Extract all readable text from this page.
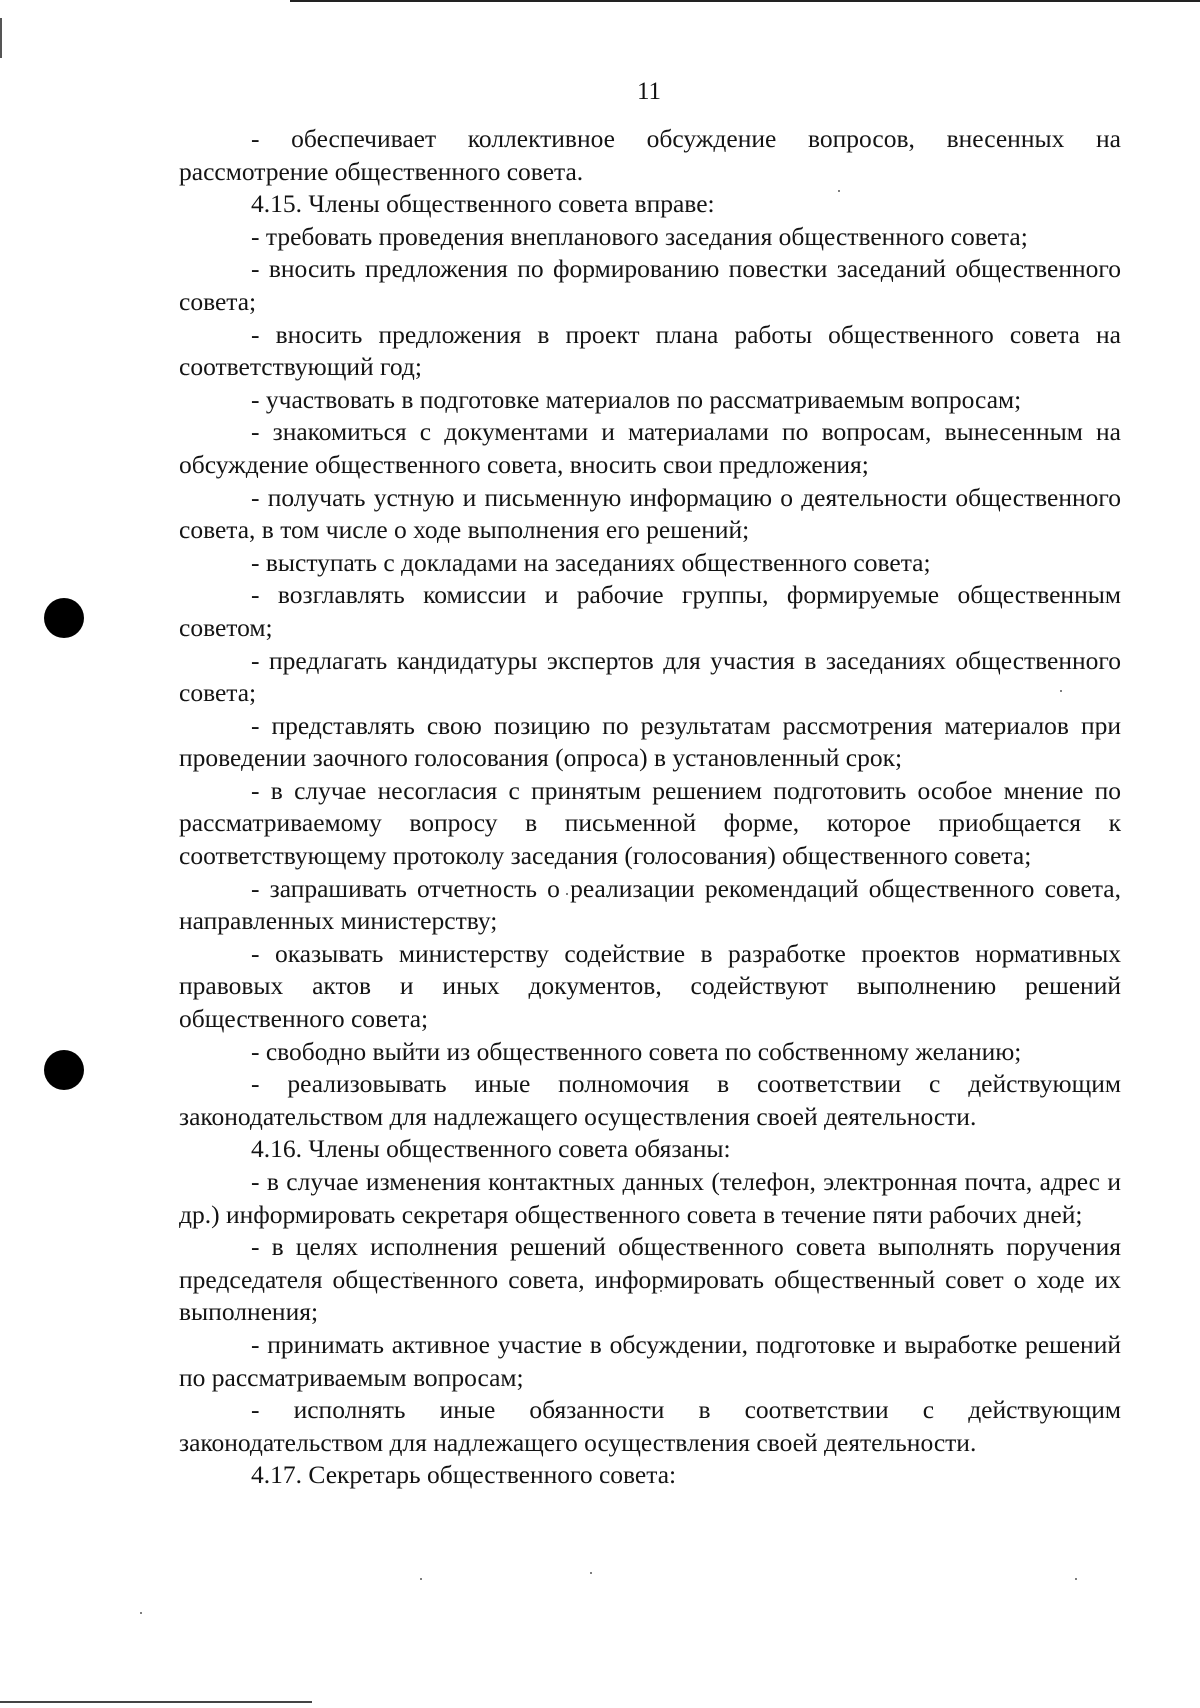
11

- обеспечивает коллективное обсуждение вопросов, внесенных на рассмотрение общественного совета.

4.15. Члены общественного совета вправе:

- требовать проведения внепланового заседания общественного совета;

- вносить предложения по формированию повестки заседаний общественного совета;

- вносить предложения в проект плана работы общественного совета на соответствующий год;

- участвовать в подготовке материалов по рассматриваемым вопросам;

- знакомиться с документами и материалами по вопросам, вынесенным на обсуждение общественного совета, вносить свои предложения;

- получать устную и письменную информацию о деятельности общественного совета, в том числе о ходе выполнения его решений;

- выступать с докладами на заседаниях общественного совета;

- возглавлять комиссии и рабочие группы, формируемые общественным советом;

- предлагать кандидатуры экспертов для участия в заседаниях общественного совета;

- представлять свою позицию по результатам рассмотрения материалов при проведении заочного голосования (опроса) в установленный срок;

- в случае несогласия с принятым решением подготовить особое мнение по рассматриваемому вопросу в письменной форме, которое приобщается к соответствующему протоколу заседания (голосования) общественного совета;

- запрашивать отчетность о реализации рекомендаций общественного совета, направленных министерству;

- оказывать министерству содействие в разработке проектов нормативных правовых актов и иных документов, содействуют выполнению решений общественного совета;

- свободно выйти из общественного совета по собственному желанию;

- реализовывать иные полномочия в соответствии с действующим законодательством для надлежащего осуществления своей деятельности.

4.16. Члены общественного совета обязаны:

- в случае изменения контактных данных (телефон, электронная почта, адрес и др.) информировать секретаря общественного совета в течение пяти рабочих дней;

- в целях исполнения решений общественного совета выполнять поручения председателя общественного совета, информировать общественный совет о ходе их выполнения;

- принимать активное участие в обсуждении, подготовке и выработке решений по рассматриваемым вопросам;

- исполнять иные обязанности в соответствии с действующим законодательством для надлежащего осуществления своей деятельности.

4.17. Секретарь общественного совета:
